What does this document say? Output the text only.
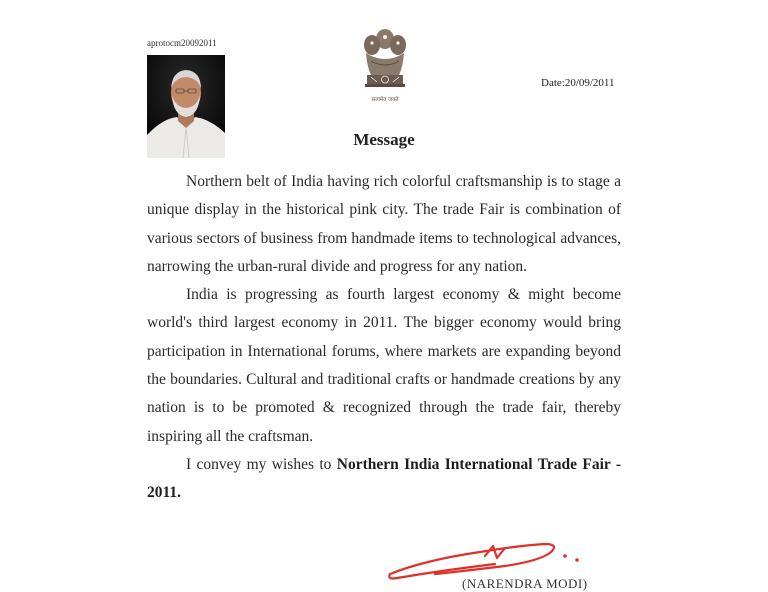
aprotocm20092011
सत्यमेव जयते
Date:20/09/2011
Message

Northern belt of India having rich colorful craftsmanship is to stage a unique display in the historical pink city. The trade Fair is combination of various sectors of business from handmade items to technological advances, narrowing the urban-rural divide and progress for any nation.

India is progressing as fourth largest economy & might become world's third largest economy in 2011. The bigger economy would bring participation in International forums, where markets are expanding beyond the boundaries. Cultural and traditional crafts or handmade creations by any nation is to be promoted & recognized through the trade fair, thereby inspiring all the craftsman.

I convey my wishes to Northern India International Trade Fair - 2011.

(NARENDRA MODI)
